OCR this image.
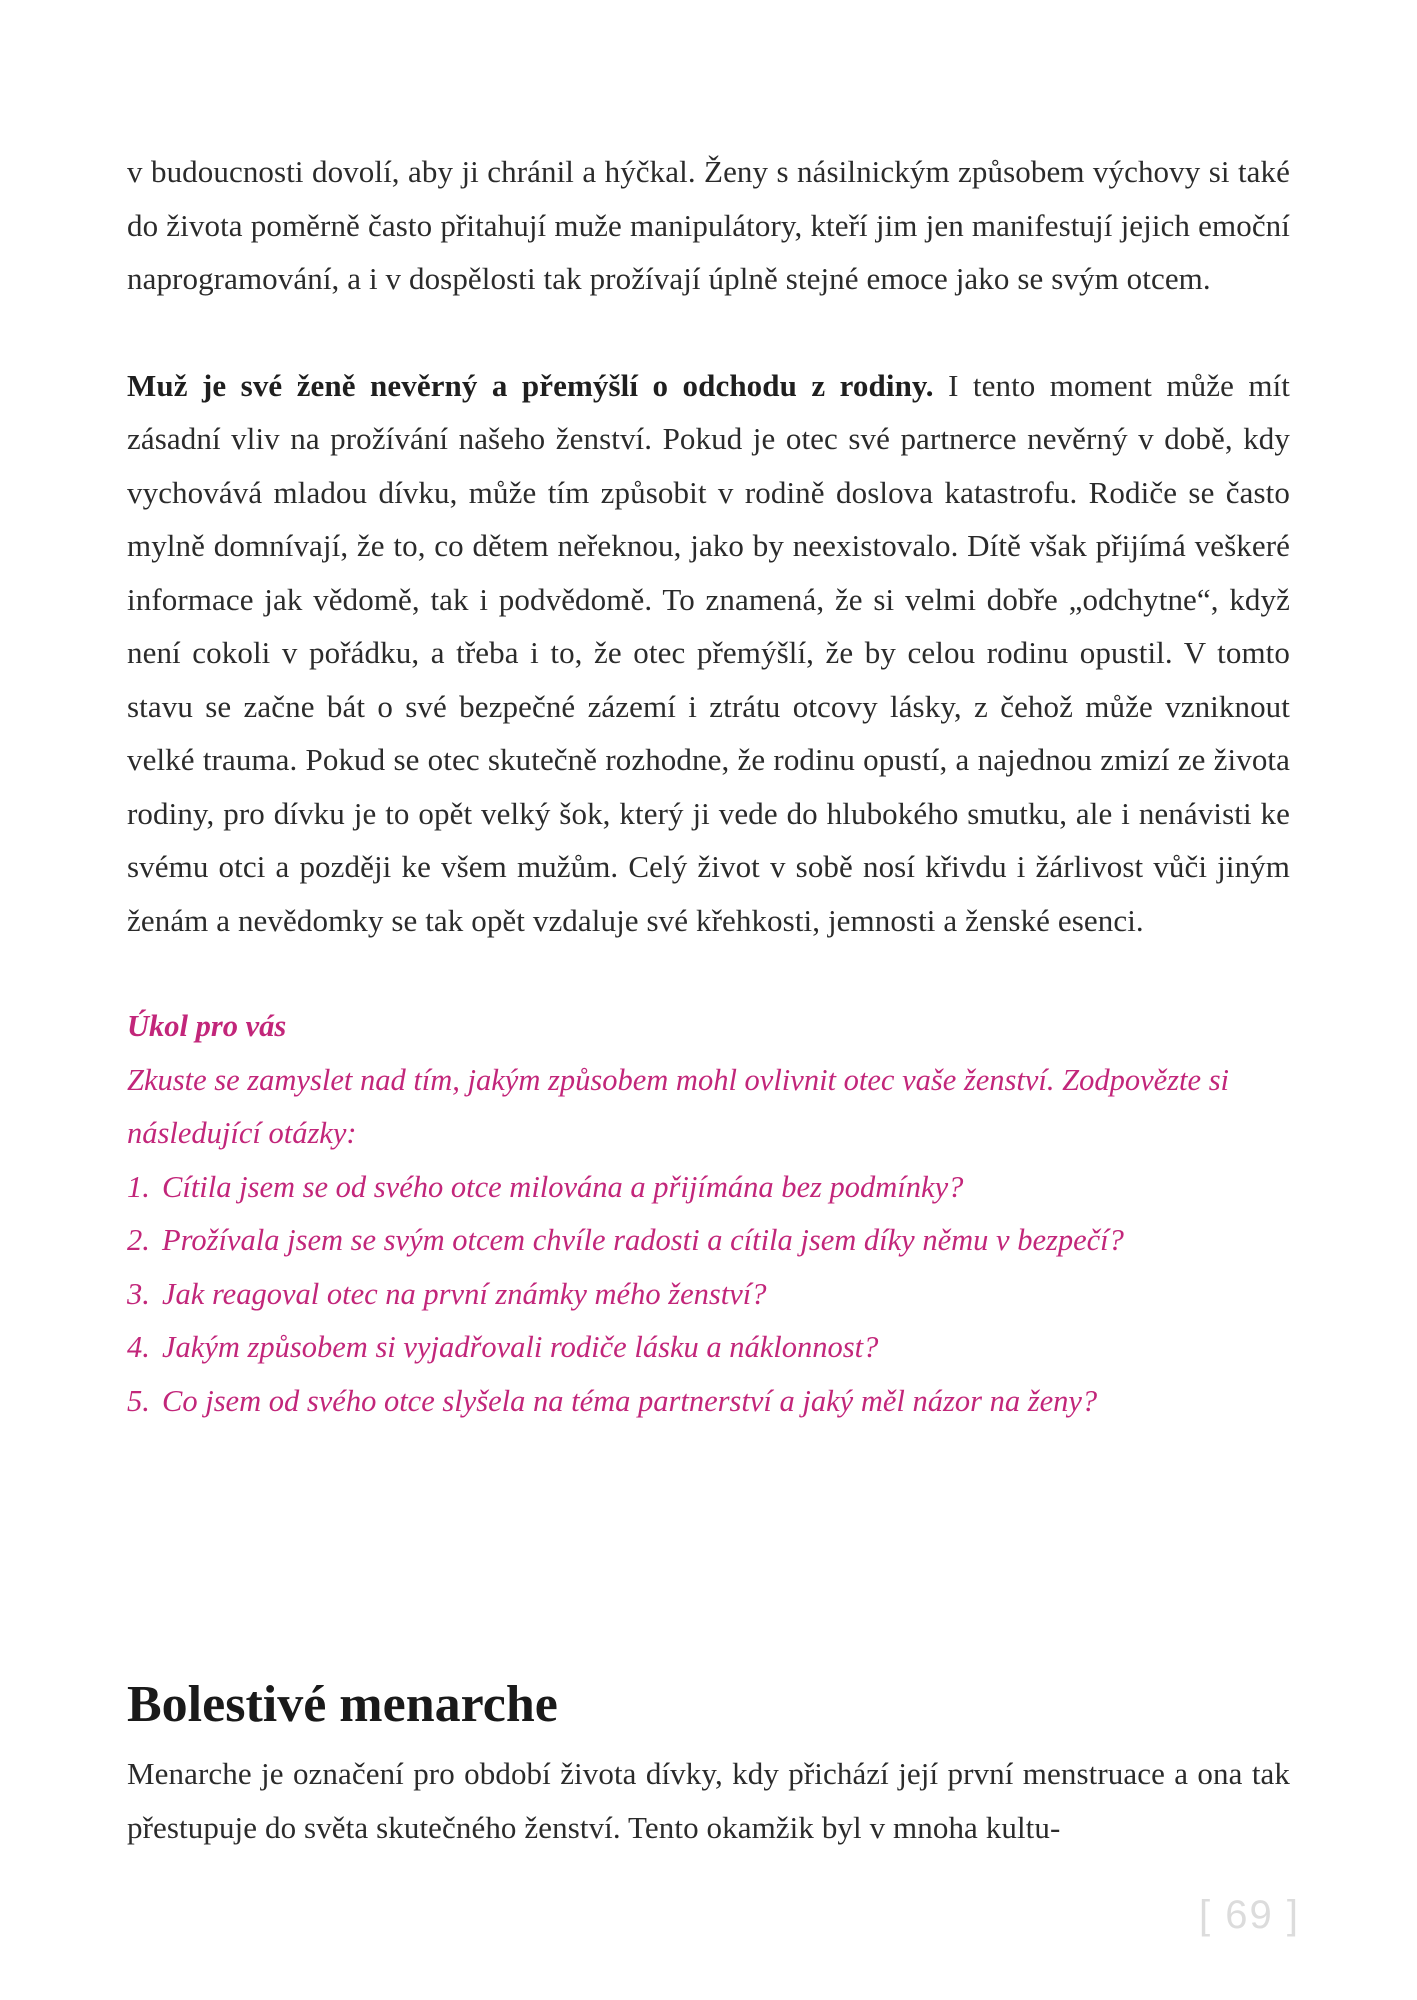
v budoucnosti dovolí, aby ji chránil a hýčkal. Ženy s násilnickým způsobem výchovy si také do života poměrně často přitahují muže manipulátory, kteří jim jen manifestují jejich emoční naprogramování, a i v dospělosti tak prožívají úplně stejné emoce jako se svým otcem.

Muž je své ženě nevěrný a přemýšlí o odchodu z rodiny. I tento moment může mít zásadní vliv na prožívání našeho ženství. Pokud je otec své partnerce nevěrný v době, kdy vychovává mladou dívku, může tím způsobit v rodině doslova katastrofu. Rodiče se často mylně domnívají, že to, co dětem neřeknou, jako by neexistovalo. Dítě však přijímá veškeré informace jak vědomě, tak i podvědomě. To znamená, že si velmi dobře „odchytne“, když není cokoli v pořádku, a třeba i to, že otec přemýšlí, že by celou rodinu opustil. V tomto stavu se začne bát o své bezpečné zázemí i ztrátu otcovy lásky, z čehož může vzniknout velké trauma. Pokud se otec skutečně rozhodne, že rodinu opustí, a najednou zmizí ze života rodiny, pro dívku je to opět velký šok, který ji vede do hlubokého smutku, ale i nenávisti ke svému otci a později ke všem mužům. Celý život v sobě nosí křivdu i žárlivost vůči jiným ženám a nevědomky se tak opět vzdaluje své křehkosti, jemnosti a ženské esenci.

Úkol pro vás
Zkuste se zamyslet nad tím, jakým způsobem mohl ovlivnit otec vaše ženství. Zodpovězte si následující otázky:
1. Cítila jsem se od svého otce milována a přijímána bez podmínky?
2. Prožívala jsem se svým otcem chvíle radosti a cítila jsem díky němu v bezpečí?
3. Jak reagoval otec na první známky mého ženství?
4. Jakým způsobem si vyjadřovali rodiče lásku a náklonnost?
5. Co jsem od svého otce slyšela na téma partnerství a jaký měl názor na ženy?
Bolestivé menarche

Menarche je označení pro období života dívky, kdy přichází její první menstruace a ona tak přestupuje do světa skutečného ženství. Tento okamžik byl v mnoha kultu-

[ 69 ]
